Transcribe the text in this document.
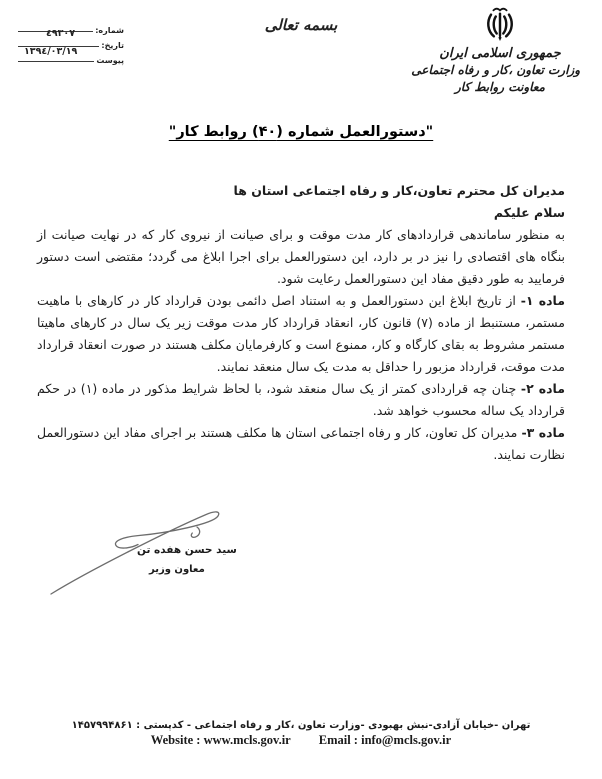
شماره:
تاریخ:
پیوست
٤٩٣٠٧
١٣٩٤/٠٣/١٩
بسمه تعالی
جمهوری اسلامی ایران
وزارت تعاون ،کار و رفاه اجتماعی
معاونت روابط کار
"دستورالعمل شماره (۴۰) روابط کار"

مدیران کل محترم تعاون،کار و رفاه اجتماعی استان ها

سلام علیکم

به منظور ساماندهی قراردادهای کار مدت موقت و برای صیانت از نیروی کار که در نهایت صیانت از بنگاه های اقتصادی را نیز در بر دارد، این دستورالعمل برای اجرا ابلاغ می گردد؛ مقتضی است دستور فرمایید به طور دقیق مفاد این دستورالعمل رعایت شود.

ماده ۱- از تاریخ ابلاغ این دستورالعمل و به استناد اصل دائمی بودن قرارداد کار در کارهای با ماهیت مستمر، مستنبط از ماده (۷) قانون کار، انعقاد قرارداد کار مدت موقت زیر یک سال در کارهای ماهیتا مستمر مشروط به بقای کارگاه و کار، ممنوع است و کارفرمایان مکلف هستند در صورت انعقاد قرارداد مدت موقت، قرارداد مزبور را حداقل به مدت یک سال منعقد نمایند.

ماده ۲- چنان چه قراردادی کمتر از یک سال منعقد شود، با لحاظ شرایط مذکور در ماده (۱) در حکم قرارداد یک ساله محسوب خواهد شد.

ماده ۳- مدیران کل تعاون، کار و رفاه اجتماعی استان ها مکلف هستند بر اجرای مفاد این دستورالعمل نظارت نمایند.

سید حسن هفده تن
معاون وزیر
تهران -خیابان آزادی-نبش بهبودی -وزارت تعاون ،کار و رفاه اجتماعی - کدپستی : ۱۴۵۷۹۹۴۸۶۱
Website : www.mcls.gov.ir Email : info@mcls.gov.ir
